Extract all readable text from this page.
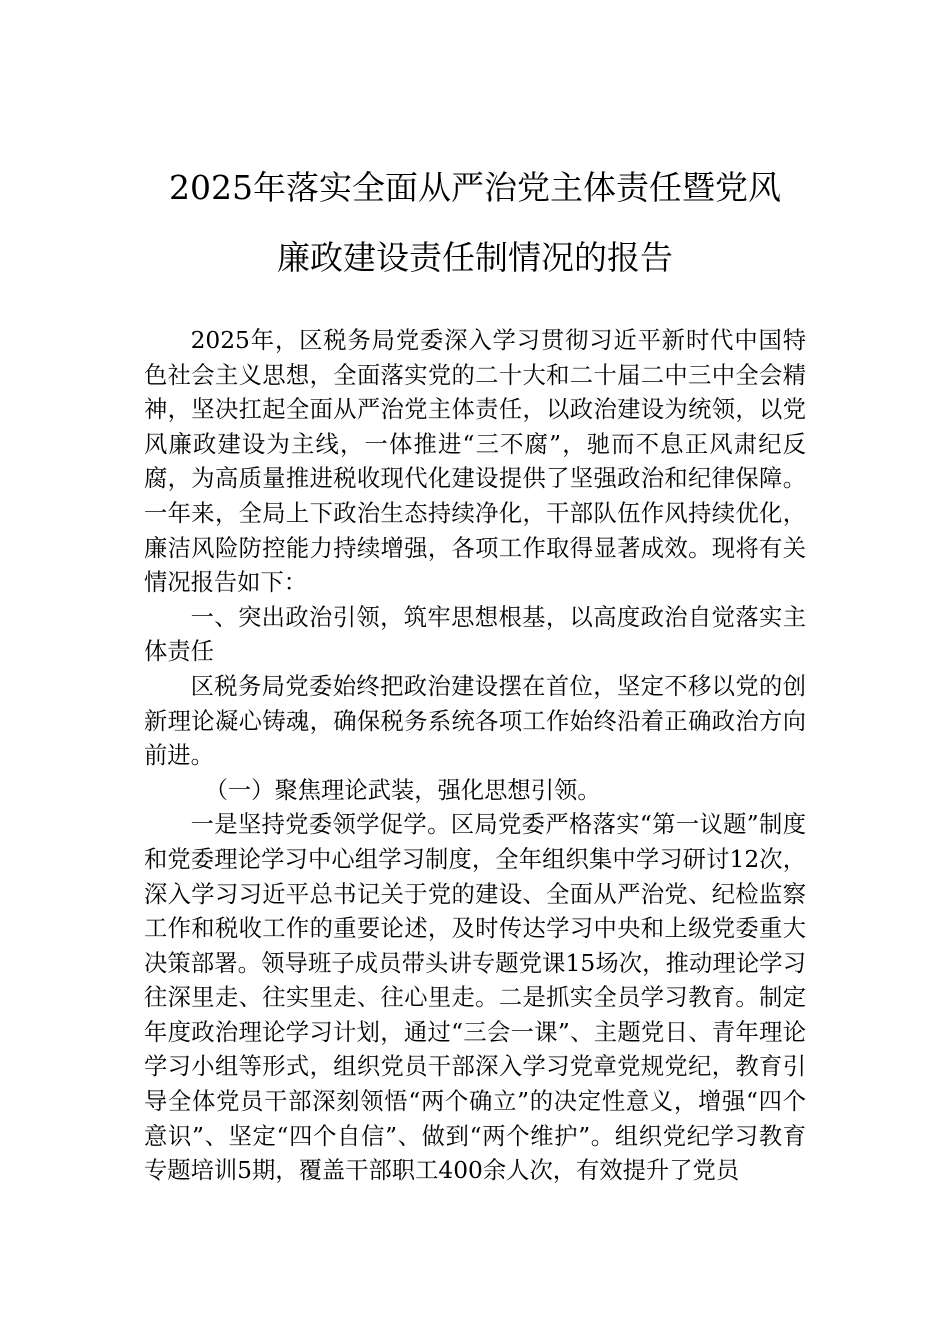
2025年落实全面从严治党主体责任暨党风
廉政建设责任制情况的报告

2025年，区税务局党委深入学习贯彻习近平新时代中国特色社会主义思想，全面落实党的二十大和二十届二中三中全会精神，坚决扛起全面从严治党主体责任，以政治建设为统领，以党风廉政建设为主线，一体推进“三不腐”，驰而不息正风肃纪反腐，为高质量推进税收现代化建设提供了坚强政治和纪律保障。一年来，全局上下政治生态持续净化，干部队伍作风持续优化，廉洁风险防控能力持续增强，各项工作取得显著成效。现将有关情况报告如下：

一、突出政治引领，筑牢思想根基，以高度政治自觉落实主体责任

区税务局党委始终把政治建设摆在首位，坚定不移以党的创新理论凝心铸魂，确保税务系统各项工作始终沿着正确政治方向前进。

（一）聚焦理论武装，强化思想引领。

一是坚持党委领学促学。区局党委严格落实“第一议题”制度和党委理论学习中心组学习制度，全年组织集中学习研讨12次，深入学习习近平总书记关于党的建设、全面从严治党、纪检监察工作和税收工作的重要论述，及时传达学习中央和上级党委重大决策部署。领导班子成员带头讲专题党课15场次，推动理论学习往深里走、往实里走、往心里走。二是抓实全员学习教育。制定年度政治理论学习计划，通过“三会一课”、主题党日、青年理论学习小组等形式，组织党员干部深入学习党章党规党纪，教育引导全体党员干部深刻领悟“两个确立”的决定性意义，增强“四个意识”、坚定“四个自信”、做到“两个维护”。组织党纪学习教育专题培训5期，覆盖干部职工400余人次，有效提升了党员
